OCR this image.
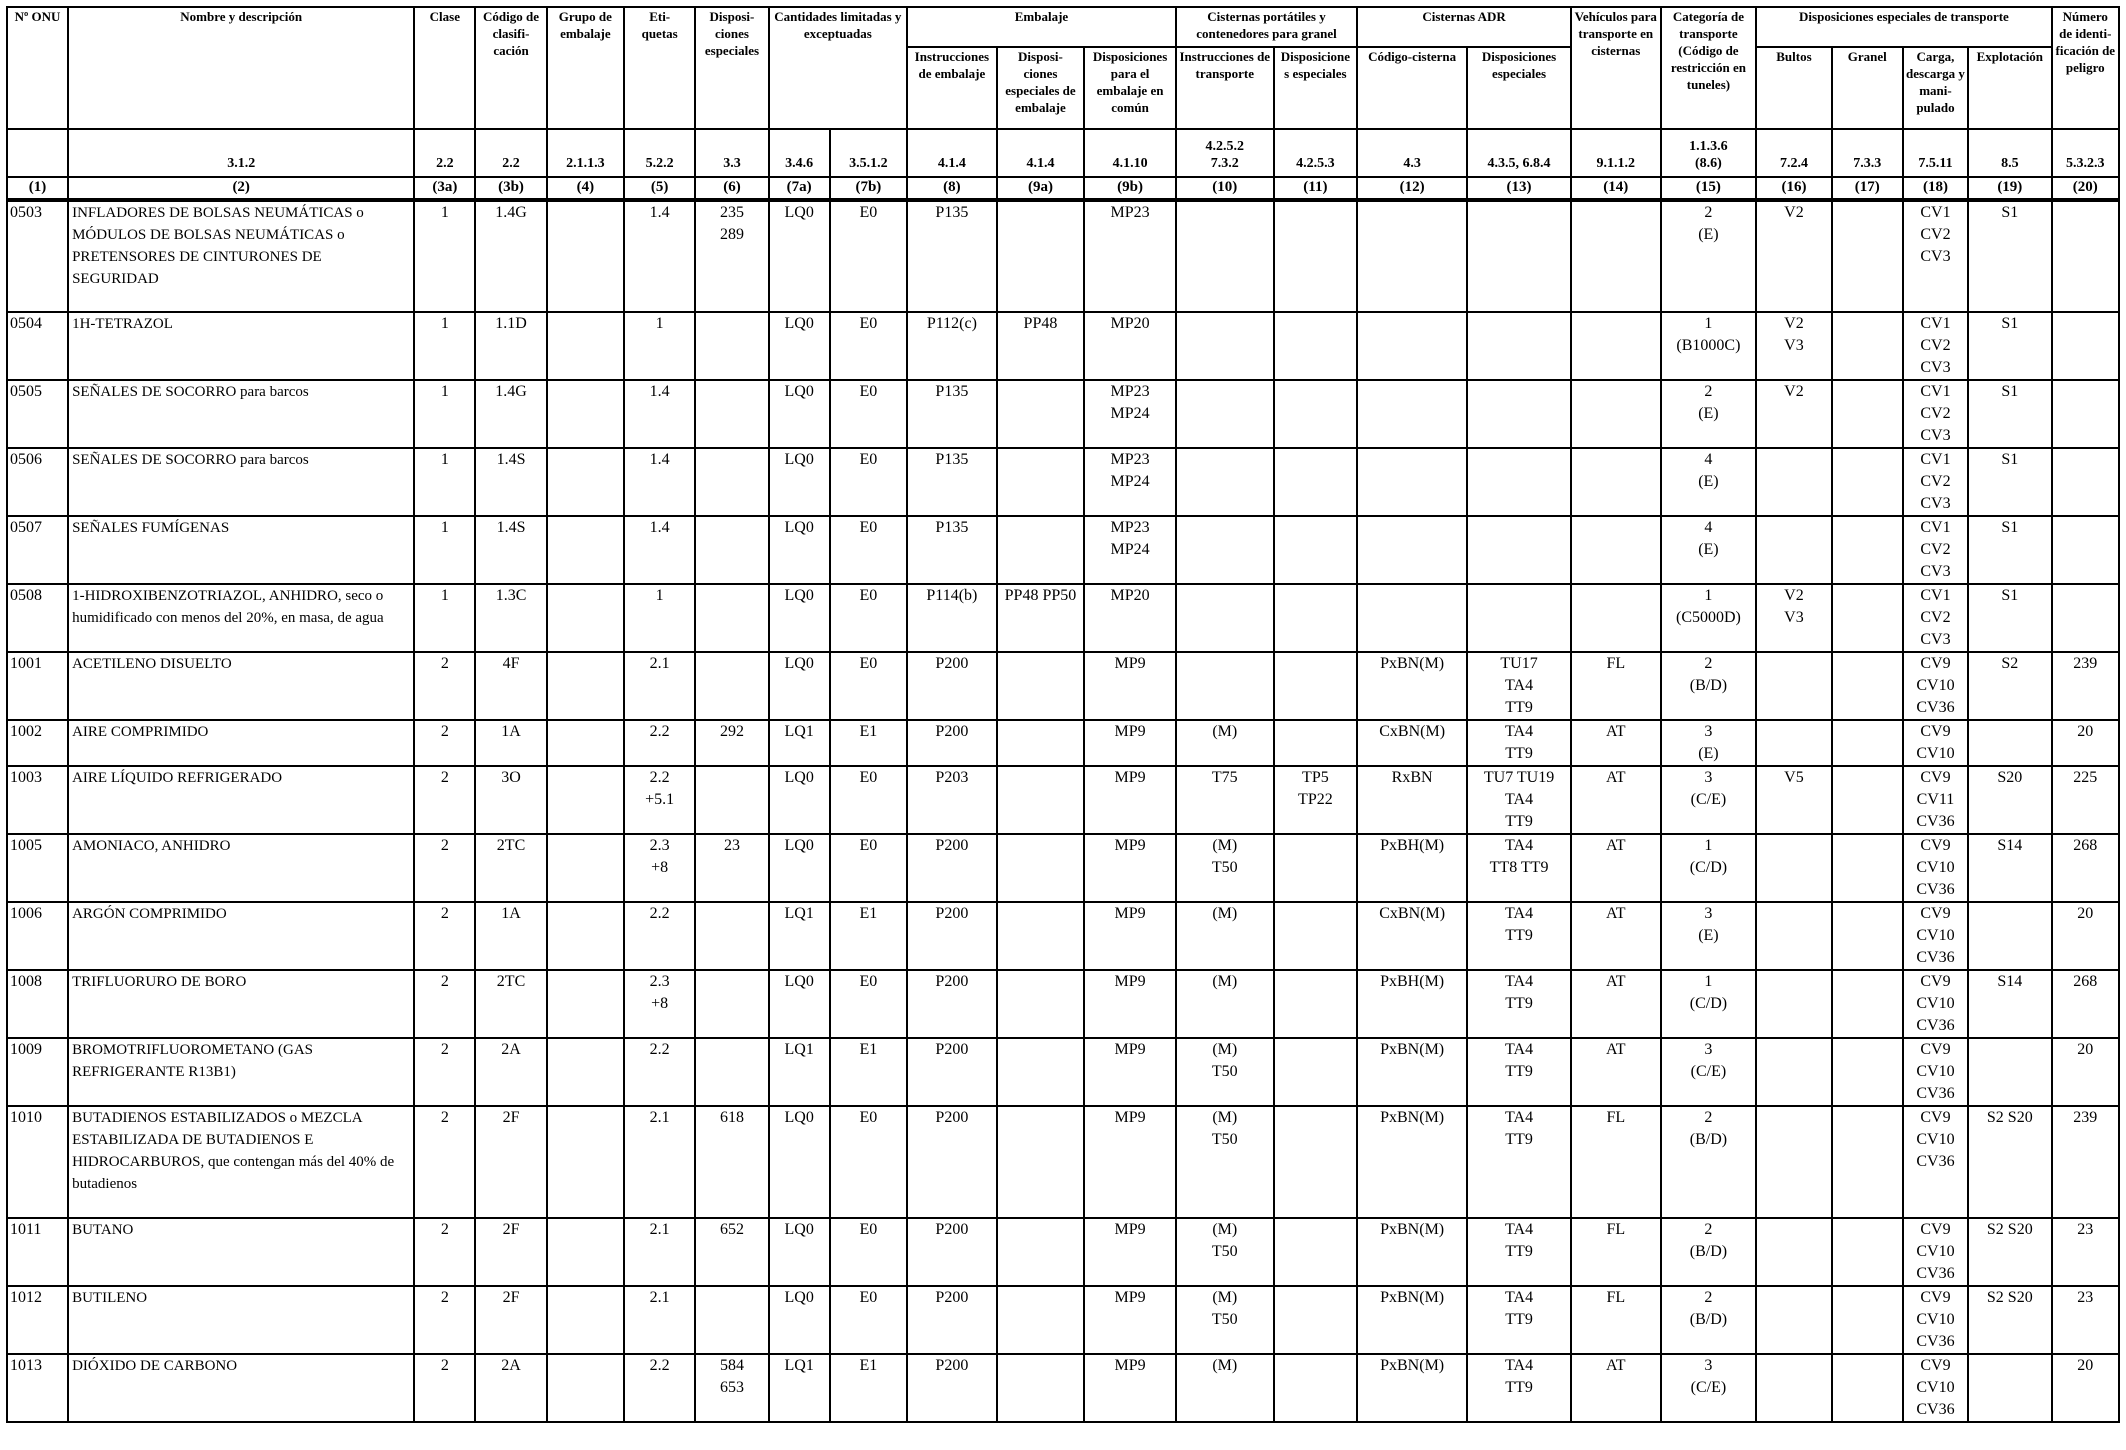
Nº ONU	Nombre y descripción	Clase	Código de clasifi-
cación	Grupo de embalaje	Eti-
quetas	Disposi-
ciones especiales	Cantidades limitadas y exceptuadas		Embalaje			Cisternas portátiles y contenedores para granel		Cisternas ADR		Vehículos para transporte en cisternas	Categoría de transporte (Código de restricción en tuneles)	Disposiciones especiales de transporte				Número de identi-
ficación de peligro
									Instrucciones de embalaje	Disposi-
ciones especiales de embalaje	Disposiciones para el embalaje en común	Instrucciones de transporte	Disposicione s especiales	Código-cisterna	Disposiciones especiales			Bultos	Granel	Carga, descarga y mani-
pulado	Explotación	
	3.1.2	2.2	2.2	2.1.1.3	5.2.2	3.3	3.4.6	3.5.1.2	4.1.4	4.1.4	4.1.10	4.2.5.2
7.3.2	4.2.5.3	4.3	4.3.5, 6.8.4	9.1.1.2	1.1.3.6
(8.6)	7.2.4	7.3.3	7.5.11	8.5	5.3.2.3
(1)	(2)	(3a)	(3b)	(4)	(5)	(6)	(7a)	(7b)	(8)	(9a)	(9b)	(10)	(11)	(12)	(13)	(14)	(15)	(16)	(17)	(18)	(19)	(20)
0503	INFLADORES DE BOLSAS NEUMÁTICAS o MÓDULOS DE BOLSAS NEUMÁTICAS o PRETENSORES DE CINTURONES DE SEGURIDAD	1	1.4G		1.4	235
289	LQ0	E0	P135		MP23						2
(E)	V2		CV1
CV2
CV3	S1	
0504	1H-TETRAZOL	1	1.1D		1		LQ0	E0	P112(c)	PP48	MP20						1
(B1000C)	V2
V3		CV1
CV2
CV3	S1	
0505	SEÑALES DE SOCORRO para barcos	1	1.4G		1.4		LQ0	E0	P135		MP23
MP24						2
(E)	V2		CV1
CV2
CV3	S1	
0506	SEÑALES DE SOCORRO para barcos	1	1.4S		1.4		LQ0	E0	P135		MP23
MP24						4
(E)			CV1
CV2
CV3	S1	
0507	SEÑALES FUMÍGENAS	1	1.4S		1.4		LQ0	E0	P135		MP23
MP24						4
(E)			CV1
CV2
CV3	S1	
0508	1-HIDROXIBENZOTRIAZOL, ANHIDRO, seco o humidificado con menos del 20%, en masa, de agua	1	1.3C		1		LQ0	E0	P114(b)	PP48 PP50	MP20						1
(C5000D)	V2
V3		CV1
CV2
CV3	S1	
1001	ACETILENO DISUELTO	2	4F		2.1		LQ0	E0	P200		MP9			PxBN(M)	TU17
TA4
TT9	FL	2
(B/D)			CV9
CV10
CV36	S2	239
1002	AIRE COMPRIMIDO	2	1A		2.2	292	LQ1	E1	P200		MP9	(M)		CxBN(M)	TA4
TT9	AT	3
(E)			CV9
CV10		20
1003	AIRE LÍQUIDO REFRIGERADO	2	3O		2.2
+5.1		LQ0	E0	P203		MP9	T75	TP5
TP22	RxBN	TU7 TU19
TA4
TT9	AT	3
(C/E)	V5		CV9
CV11
CV36	S20	225
1005	AMONIACO, ANHIDRO	2	2TC		2.3
+8	23	LQ0	E0	P200		MP9	(M)
T50		PxBH(M)	TA4
TT8 TT9	AT	1
(C/D)			CV9
CV10
CV36	S14	268
1006	ARGÓN COMPRIMIDO	2	1A		2.2		LQ1	E1	P200		MP9	(M)		CxBN(M)	TA4
TT9	AT	3
(E)			CV9
CV10
CV36		20
1008	TRIFLUORURO DE BORO	2	2TC		2.3
+8		LQ0	E0	P200		MP9	(M)		PxBH(M)	TA4
TT9	AT	1
(C/D)			CV9
CV10
CV36	S14	268
1009	BROMOTRIFLUOROMETANO (GAS REFRIGERANTE R13B1)	2	2A		2.2		LQ1	E1	P200		MP9	(M)
T50		PxBN(M)	TA4
TT9	AT	3
(C/E)			CV9
CV10
CV36		20
1010	BUTADIENOS ESTABILIZADOS o MEZCLA ESTABILIZADA DE BUTADIENOS E HIDROCARBUROS, que contengan más del 40% de butadienos	2	2F		2.1	618	LQ0	E0	P200		MP9	(M)
T50		PxBN(M)	TA4
TT9	FL	2
(B/D)			CV9
CV10
CV36	S2 S20	239
1011	BUTANO	2	2F		2.1	652	LQ0	E0	P200		MP9	(M)
T50		PxBN(M)	TA4
TT9	FL	2
(B/D)			CV9
CV10
CV36	S2 S20	23
1012	BUTILENO	2	2F		2.1		LQ0	E0	P200		MP9	(M)
T50		PxBN(M)	TA4
TT9	FL	2
(B/D)			CV9
CV10
CV36	S2 S20	23
1013	DIÓXIDO DE CARBONO	2	2A		2.2	584
653	LQ1	E1	P200		MP9	(M)		PxBN(M)	TA4
TT9	AT	3
(C/E)			CV9
CV10
CV36		20
